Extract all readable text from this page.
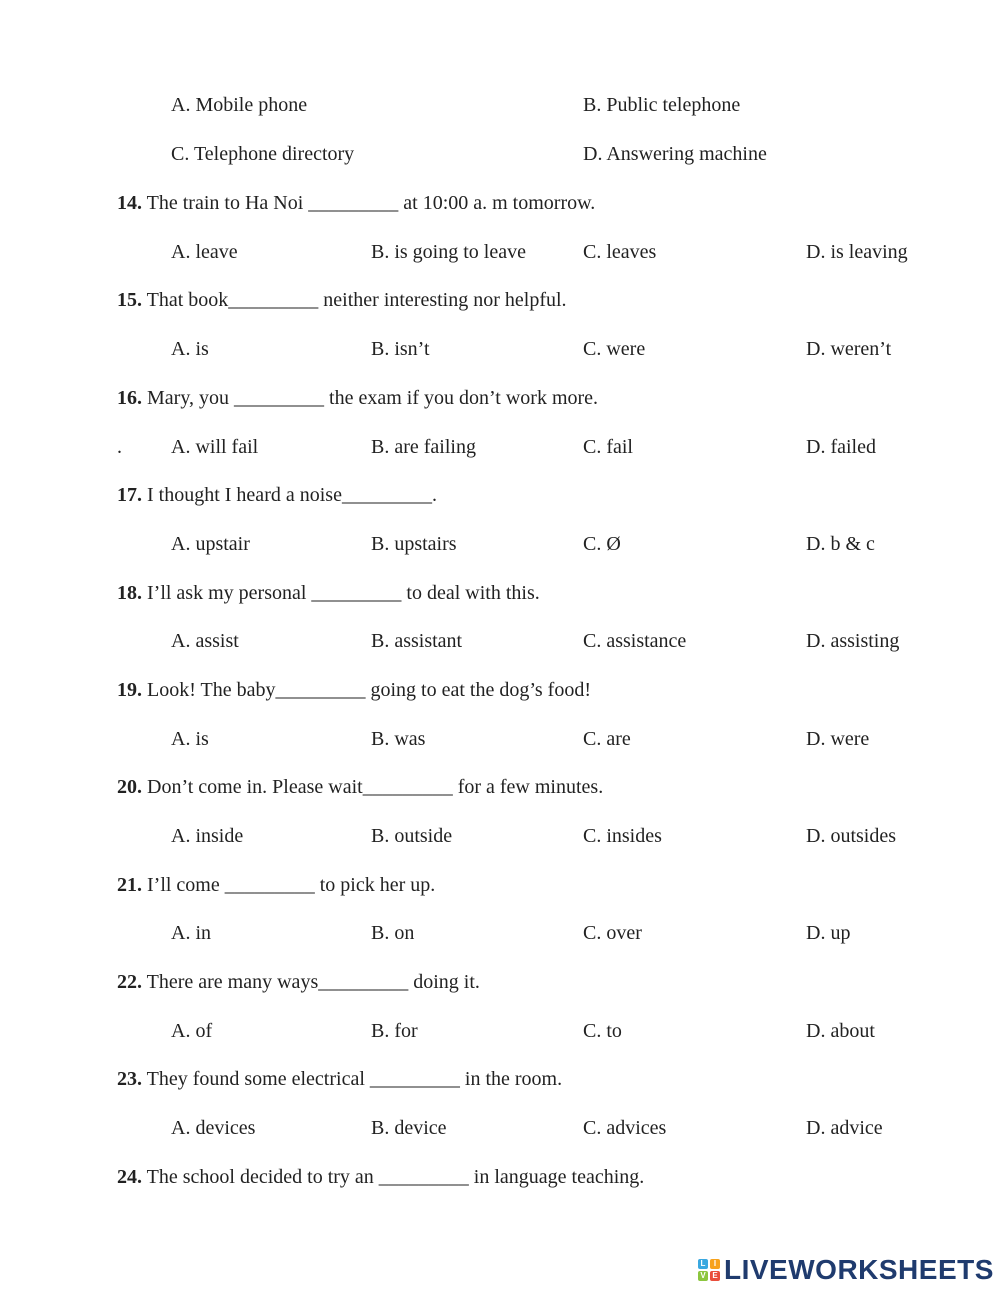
A. Mobile phone	B. Public telephone
C. Telephone directory	D. Answering machine
14. The train to Ha Noi _________ at 10:00 a. m tomorrow.
A. leave	B. is going to leave	C. leaves	D. is leaving
15. That book_________ neither interesting nor helpful.
A. is	B. isn’t	C. were	D. weren’t
16. Mary, you _________ the exam if you don’t work more.
. A. will fail	B. are failing	C. fail	D. failed
17. I thought I heard a noise_________.
A. upstair	B. upstairs	C. Ø	D. b & c
18. I’ll ask my personal _________ to deal with this.
A. assist	B. assistant	C. assistance	D. assisting
19. Look! The baby_________ going to eat the dog’s food!
A. is	B. was	C. are	D. were
20. Don’t come in. Please wait_________ for a few minutes.
A. inside	B. outside	C. insides	D. outsides
21. I’ll come _________ to pick her up.
A. in	B. on	C. over	D. up
22. There are many ways_________ doing it.
A. of	B. for	C. to	D. about
23. They found some electrical _________ in the room.
A. devices	B. device	C. advices	D. advice
24. The school decided to try an _________ in language teaching.
L	I
V E LIVEWORKSHEETS
